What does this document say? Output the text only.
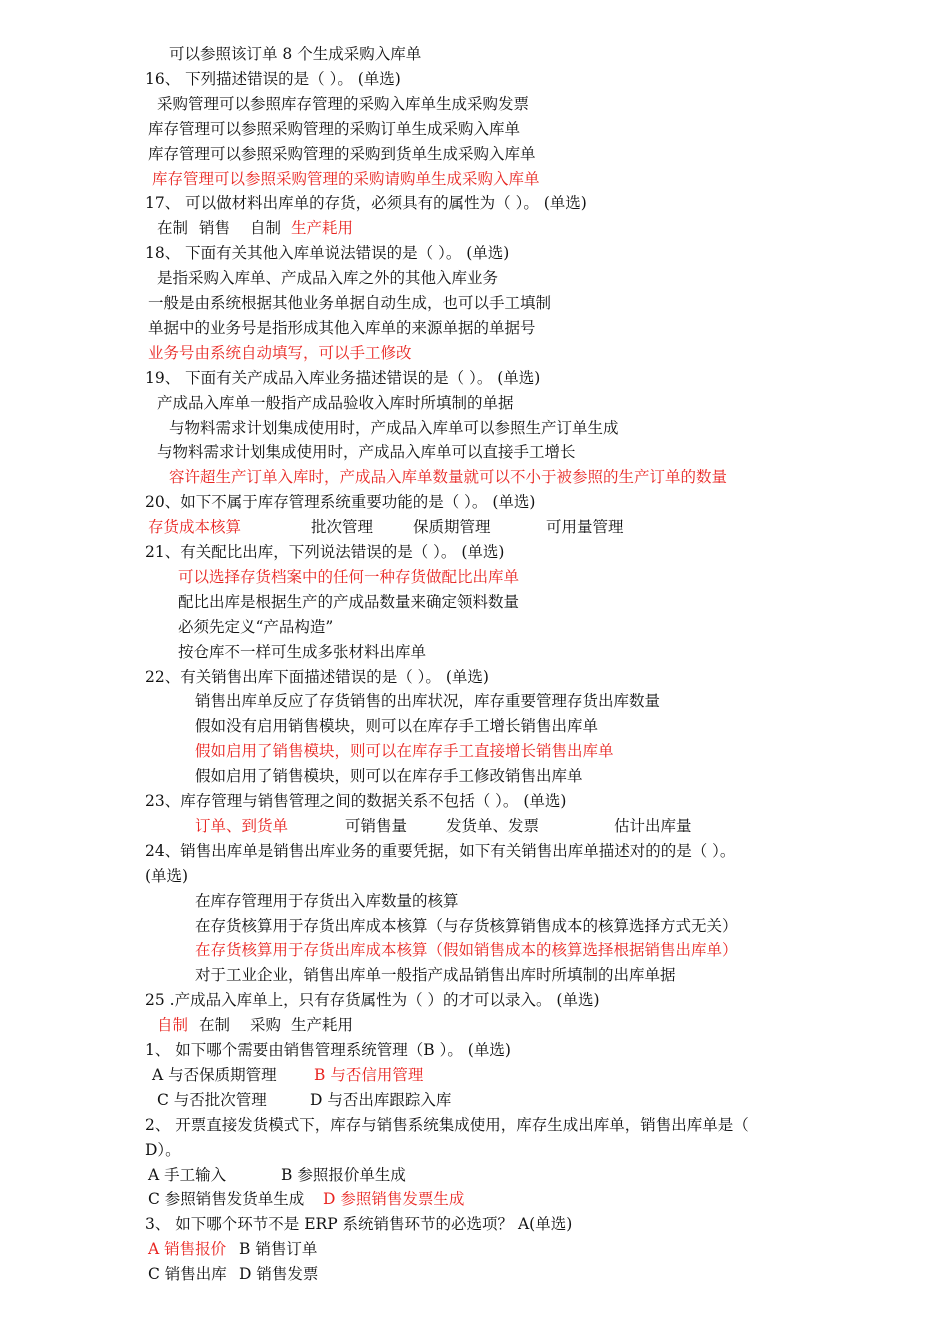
可以参照该订单 8 个生成采购入库单
16、 下列描述错误的是（ ）。 (单选)
采购管理可以参照库存管理的采购入库单生成采购发票
库存管理可以参照采购管理的采购订单生成采购入库单
库存管理可以参照采购管理的采购到货单生成采购入库单
库存管理可以参照采购管理的采购请购单生成采购入库单
17、 可以做材料出库单的存货，必须具有的属性为（ ）。 (单选)
在制 销售 自制 生产耗用
18、 下面有关其他入库单说法错误的是（ ）。 (单选)
是指采购入库单、产成品入库之外的其他入库业务
一般是由系统根据其他业务单据自动生成，也可以手工填制
单据中的业务号是指形成其他入库单的来源单据的单据号
业务号由系统自动填写，可以手工修改
19、 下面有关产成品入库业务描述错误的是（ ）。 (单选)
产成品入库单一般指产成品验收入库时所填制的单据
与物料需求计划集成使用时，产成品入库单可以参照生产订单生成
与物料需求计划集成使用时，产成品入库单可以直接手工增长
容许超生产订单入库时，产成品入库单数量就可以不小于被参照的生产订单的数量
20、如下不属于库存管理系统重要功能的是（ ）。 (单选)
存货成本核算	批次管理	保质期管理	可用量管理
21、有关配比出库，下列说法错误的是（ ）。 (单选)
可以选择存货档案中的任何一种存货做配比出库单
配比出库是根据生产的产成品数量来确定领料数量
必须先定义“产品构造”
按仓库不一样可生成多张材料出库单
22、有关销售出库下面描述错误的是（ ）。 (单选)
销售出库单反应了存货销售的出库状况，库存重要管理存货出库数量
假如没有启用销售模块，则可以在库存手工增长销售出库单
假如启用了销售模块，则可以在库存手工直接增长销售出库单
假如启用了销售模块，则可以在库存手工修改销售出库单
23、库存管理与销售管理之间的数据关系不包括（ ）。 (单选)
订单、到货单	可销售量	发货单、发票	估计出库量
24、销售出库单是销售出库业务的重要凭据，如下有关销售出库单描述对的的是（ ）。
(单选)
在库存管理用于存货出入库数量的核算
在存货核算用于存货出库成本核算（与存货核算销售成本的核算选择方式无关）
在存货核算用于存货出库成本核算（假如销售成本的核算选择根据销售出库单）
对于工业企业，销售出库单一般指产成品销售出库时所填制的出库单据
25 .产成品入库单上，只有存货属性为（ ）的才可以录入。 (单选)
自制 在制 采购 生产耗用
1、 如下哪个需要由销售管理系统管理（B ）。 (单选)
A 与否保质期管理 B 与否信用管理
C 与否批次管理	D 与否出库跟踪入库
2、 开票直接发货模式下，库存与销售系统集成使用，库存生成出库单，销售出库单是（
D）。
A 手工输入	B 参照报价单生成
C 参照销售发货单生成 D 参照销售发票生成
3、 如下哪个环节不是 ERP 系统销售环节的必选项？ A(单选)
A 销售报价 B 销售订单
C 销售出库 D 销售发票
